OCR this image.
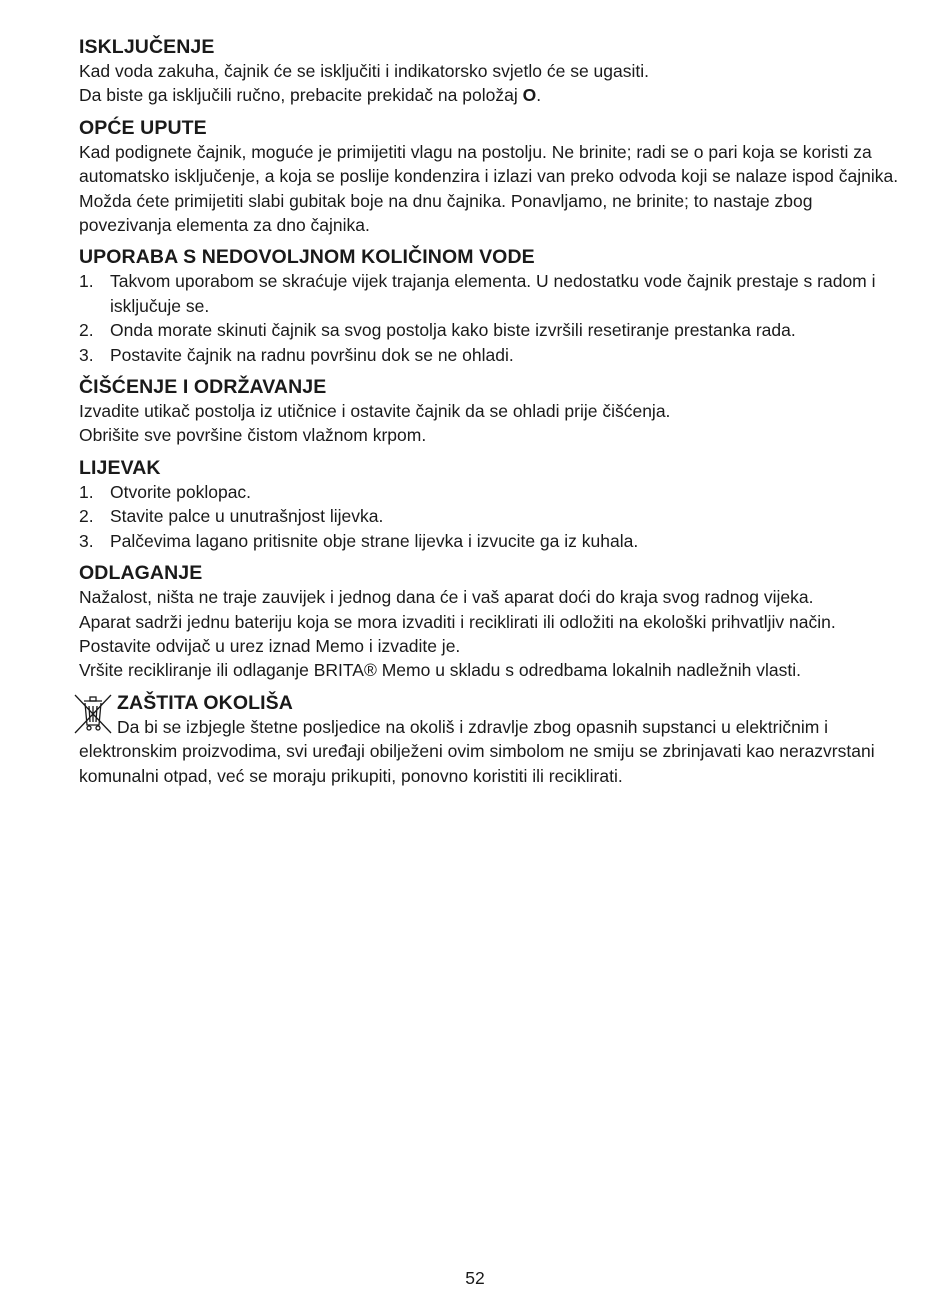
ISKLJUČENJE

Kad voda zakuha, čajnik će se isključiti i indikatorsko svjetlo će se ugasiti.

Da biste ga isključili ručno, prebacite prekidač na položaj O.

OPĆE UPUTE

Kad podignete čajnik, moguće je primijetiti vlagu na postolju. Ne brinite; radi se o pari koja se koristi za automatsko isključenje, a koja se poslije kondenzira i izlazi van preko odvoda koji se nalaze ispod čajnika.

Možda ćete primijetiti slabi gubitak boje na dnu čajnika. Ponavljamo, ne brinite; to nastaje zbog povezivanja elementa za dno čajnika.

UPORABA S NEDOVOLJNOM KOLIČINOM VODE
1. Takvom uporabom se skraćuje vijek trajanja elementa. U nedostatku vode čajnik prestaje s radom i isključuje se.
2. Onda morate skinuti čajnik sa svog postolja kako biste izvršili resetiranje prestanka rada.
3. Postavite čajnik na radnu površinu dok se ne ohladi.
ČIŠĆENJE I ODRŽAVANJE

Izvadite utikač postolja iz utičnice i ostavite čajnik da se ohladi prije čišćenja.

Obrišite sve površine čistom vlažnom krpom.

LIJEVAK
1. Otvorite poklopac.
2. Stavite palce u unutrašnjost lijevka.
3. Palčevima lagano pritisnite obje strane lijevka i izvucite ga iz kuhala.
ODLAGANJE

Nažalost, ništa ne traje zauvijek i jednog dana će i vaš aparat doći do kraja svog radnog vijeka.

Aparat sadrži jednu bateriju koja se mora izvaditi i reciklirati ili odložiti na ekološki prihvatljiv način.

Postavite odvijač u urez iznad Memo i izvadite je.

Vršite recikliranje ili odlaganje BRITA® Memo u skladu s odredbama lokalnih nadležnih vlasti.

ZAŠTITA OKOLIŠA

Da bi se izbjegle štetne posljedice na okoliš i zdravlje zbog opasnih supstanci u električnim i

elektronskim proizvodima, svi uređaji obilježeni ovim simbolom ne smiju se zbrinjavati kao nerazvrstani komunalni otpad, već se moraju prikupiti, ponovno koristiti ili reciklirati.

52
